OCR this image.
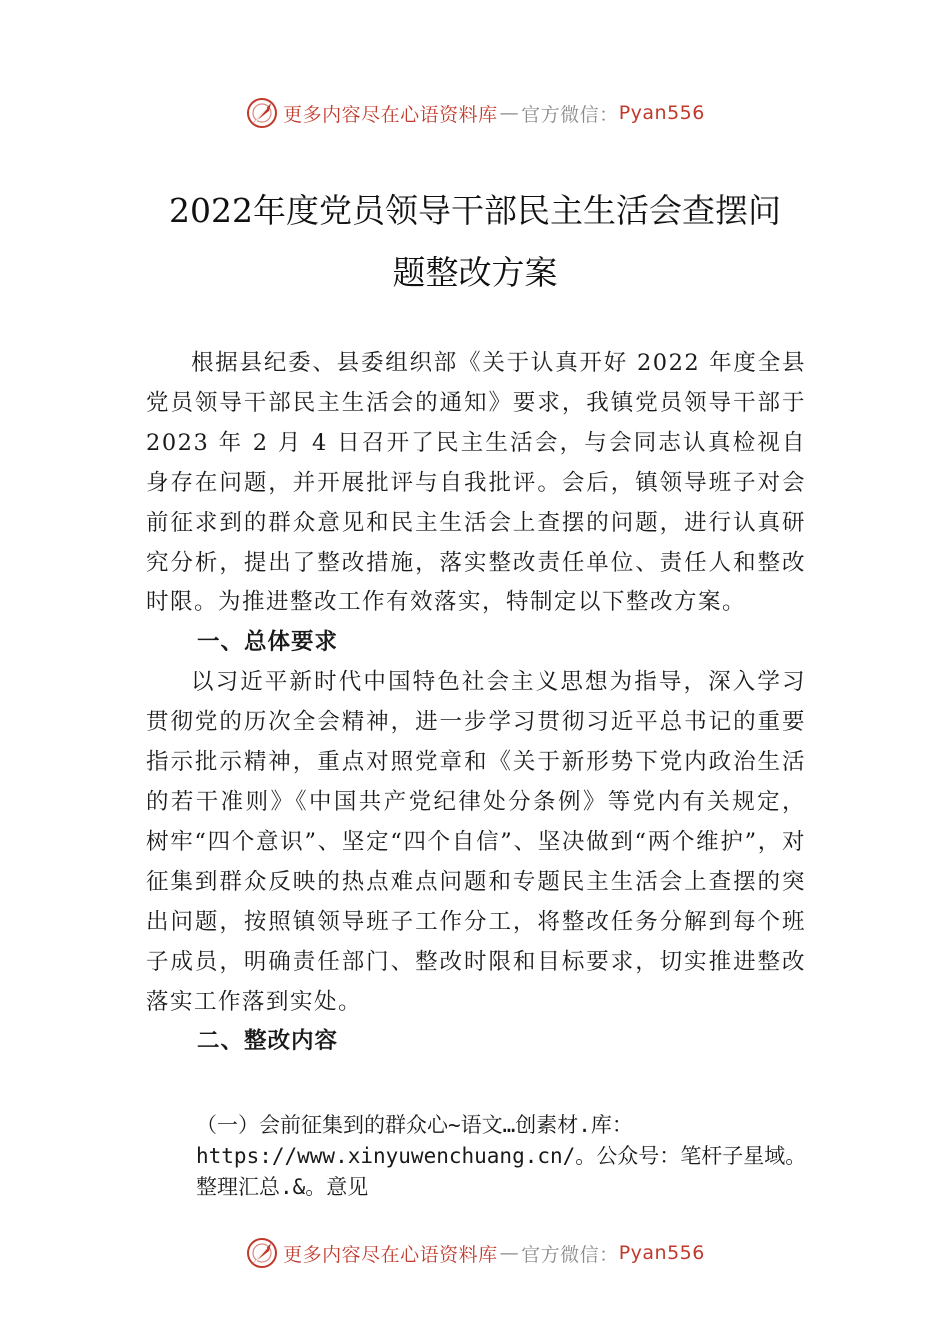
更多内容尽在心语资料库 — 官方微信： Pyan556
2022年度党员领导干部民主生活会查摆问
题整改方案

根据县纪委、县委组织部《关于认真开好 2022 年度全县党员领导干部民主生活会的通知》要求，我镇党员领导干部于 2023 年 2 月 4 日召开了民主生活会，与会同志认真检视自身存在问题，并开展批评与自我批评。会后，镇领导班子对会前征求到的群众意见和民主生活会上查摆的问题，进行认真研究分析，提出了整改措施，落实整改责任单位、责任人和整改时限。为推进整改工作有效落实，特制定以下整改方案。

一、总体要求

以习近平新时代中国特色社会主义思想为指导，深入学习贯彻党的历次全会精神，进一步学习贯彻习近平总书记的重要指示批示精神，重点对照党章和《关于新形势下党内政治生活的若干准则》《中国共产党纪律处分条例》等党内有关规定，树牢“四个意识”、坚定“四个自信”、坚决做到“两个维护”，对征集到群众反映的热点难点问题和专题民主生活会上查摆的突出问题，按照镇领导班子工作分工，将整改任务分解到每个班子成员，明确责任部门、整改时限和目标要求，切实推进整改落实工作落到实处。

二、整改内容
（一）会前征集到的群众心~语文…创素材.库：
https://www.xinyuwenchuang.cn/。公众号：笔杆子星域。
整理汇总.&。意见
更多内容尽在心语资料库 — 官方微信： Pyan556
